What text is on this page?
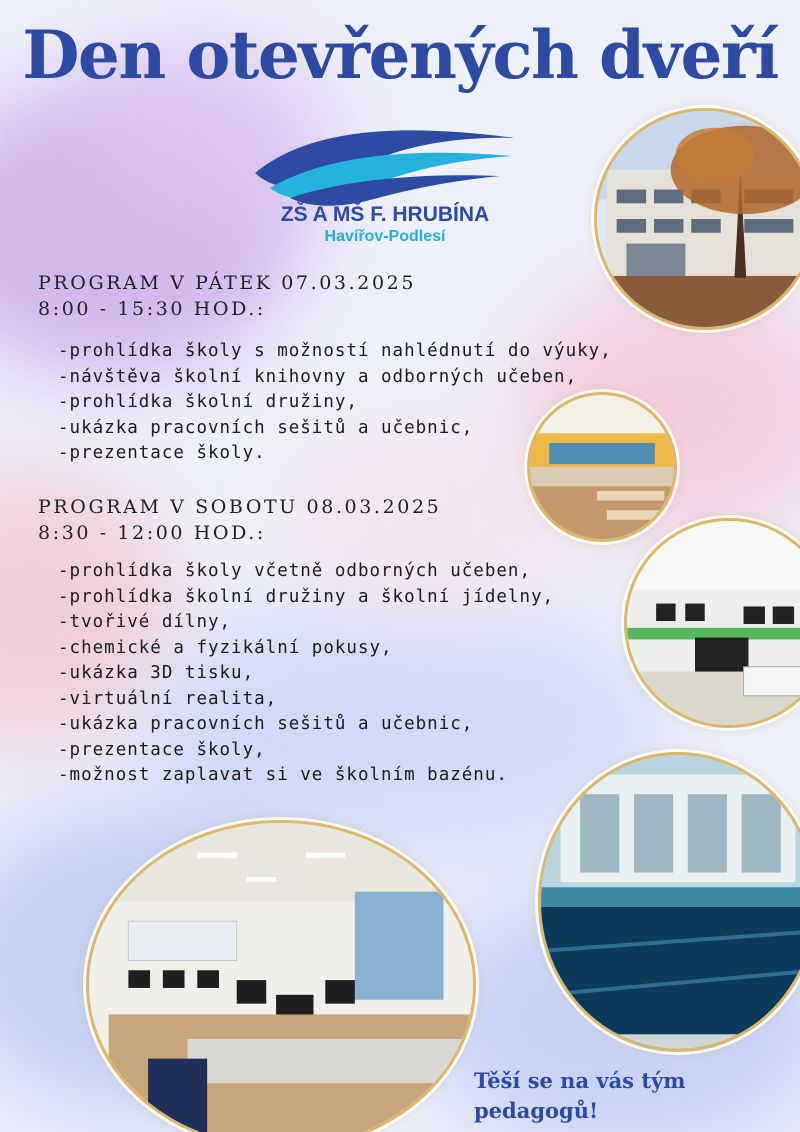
Den otevřených dveří
ZŠ A MŠ F. HRUBÍNA
Havířov-Podlesí
PROGRAM V PÁTEK 07.03.2025
8:00 - 15:30 HOD.:
- prohlídka školy s možností nahlédnutí do výuky,
- návštěva školní knihovny a odborných učeben,
- prohlídka školní družiny,
- ukázka pracovních sešitů a učebnic,
- prezentace školy.
PROGRAM V SOBOTU 08.03.2025
8:30 - 12:00 HOD.:
- prohlídka školy včetně odborných učeben,
- prohlídka školní družiny a školní jídelny,
- tvořivé dílny,
- chemické a fyzikální pokusy,
- ukázka 3D tisku,
- virtuální realita,
- ukázka pracovních sešitů a učebnic,
- prezentace školy,
- možnost zaplavat si ve školním bazénu.
Těší se na vás tým
pedagogů!
